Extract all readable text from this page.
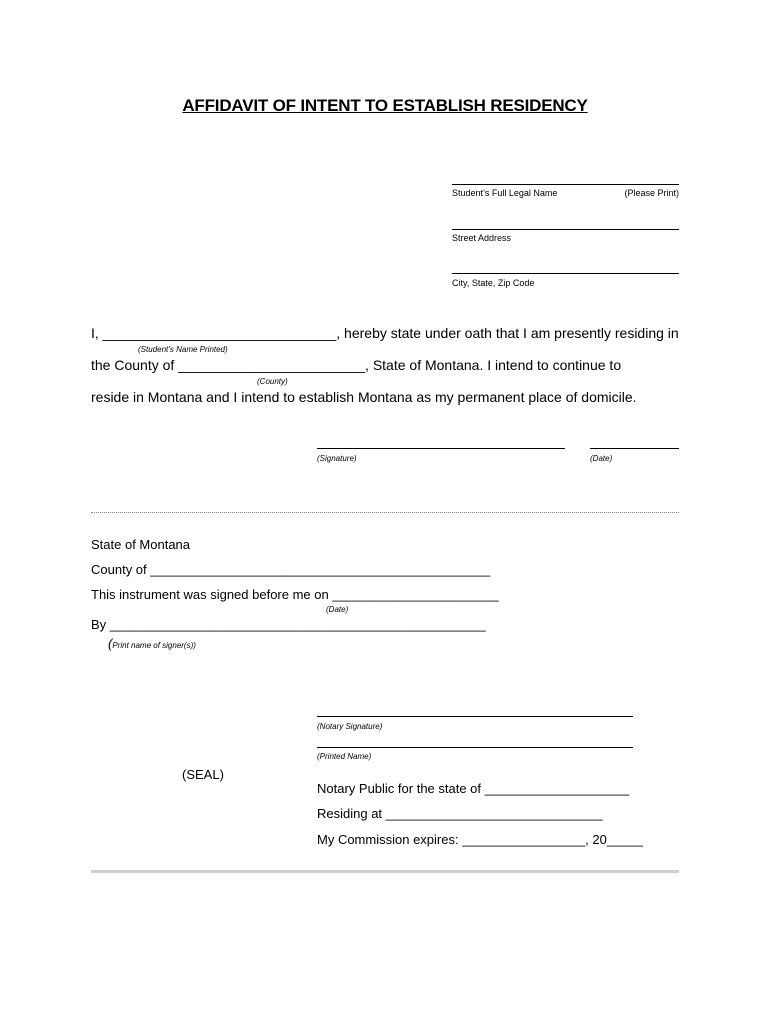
AFFIDAVIT OF INTENT TO ESTABLISH RESIDENCY
Student’s Full Legal Name	(Please Print)
Street Address
City, State, Zip Code
I, ______________________________, hereby state under oath that I am presently residing in
(Student’s Name Printed)
the County of ________________________, State of Montana. I intend to continue to
(County)
reside in Montana and I intend to establish Montana as my permanent place of domicile.
(Signature)	(Date)
State of Montana
County of _______________________________________________
This instrument was signed before me on _______________________
(Date)
By ____________________________________________________
(Print name of signer(s))
(Notary Signature)
(Printed Name)
(SEAL)
Notary Public for the state of ____________________
Residing at ______________________________
My Commission expires: _________________, 20_____
